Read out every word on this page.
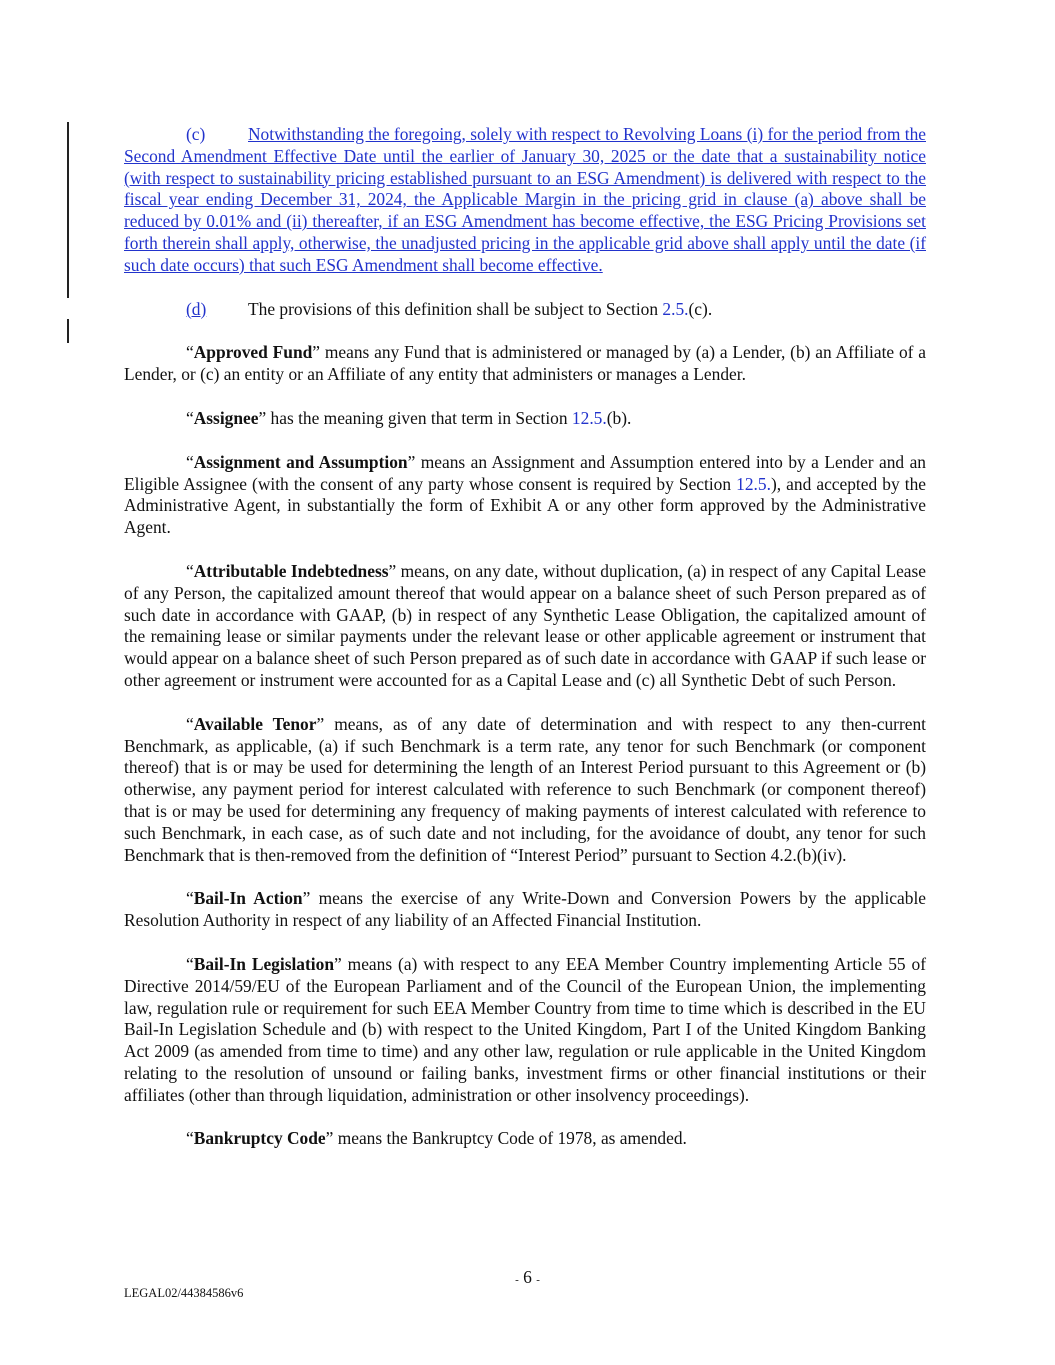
(c) Notwithstanding the foregoing, solely with respect to Revolving Loans (i) for the period from the Second Amendment Effective Date until the earlier of January 30, 2025 or the date that a sustainability notice (with respect to sustainability pricing established pursuant to an ESG Amendment) is delivered with respect to the fiscal year ending December 31, 2024, the Applicable Margin in the pricing grid in clause (a) above shall be reduced by 0.01% and (ii) thereafter, if an ESG Amendment has become effective, the ESG Pricing Provisions set forth therein shall apply, otherwise, the unadjusted pricing in the applicable grid above shall apply until the date (if such date occurs) that such ESG Amendment shall become effective.

(d) The provisions of this definition shall be subject to Section 2.5.(c).

“Approved Fund” means any Fund that is administered or managed by (a) a Lender, (b) an Affiliate of a Lender, or (c) an entity or an Affiliate of any entity that administers or manages a Lender.

“Assignee” has the meaning given that term in Section 12.5.(b).

“Assignment and Assumption” means an Assignment and Assumption entered into by a Lender and an Eligible Assignee (with the consent of any party whose consent is required by Section 12.5.), and accepted by the Administrative Agent, in substantially the form of Exhibit A or any other form approved by the Administrative Agent.

“Attributable Indebtedness” means, on any date, without duplication, (a) in respect of any Capital Lease of any Person, the capitalized amount thereof that would appear on a balance sheet of such Person prepared as of such date in accordance with GAAP, (b) in respect of any Synthetic Lease Obligation, the capitalized amount of the remaining lease or similar payments under the relevant lease or other applicable agreement or instrument that would appear on a balance sheet of such Person prepared as of such date in accordance with GAAP if such lease or other agreement or instrument were accounted for as a Capital Lease and (c) all Synthetic Debt of such Person.

“Available Tenor” means, as of any date of determination and with respect to any then-current Benchmark, as applicable, (a) if such Benchmark is a term rate, any tenor for such Benchmark (or component thereof) that is or may be used for determining the length of an Interest Period pursuant to this Agreement or (b) otherwise, any payment period for interest calculated with reference to such Benchmark (or component thereof) that is or may be used for determining any frequency of making payments of interest calculated with reference to such Benchmark, in each case, as of such date and not including, for the avoidance of doubt, any tenor for such Benchmark that is then-removed from the definition of “Interest Period” pursuant to Section 4.2.(b)(iv).

“Bail-In Action” means the exercise of any Write-Down and Conversion Powers by the applicable Resolution Authority in respect of any liability of an Affected Financial Institution.

“Bail-In Legislation” means (a) with respect to any EEA Member Country implementing Article 55 of Directive 2014/59/EU of the European Parliament and of the Council of the European Union, the implementing law, regulation rule or requirement for such EEA Member Country from time to time which is described in the EU Bail-In Legislation Schedule and (b) with respect to the United Kingdom, Part I of the United Kingdom Banking Act 2009 (as amended from time to time) and any other law, regulation or rule applicable in the United Kingdom relating to the resolution of unsound or failing banks, investment firms or other financial institutions or their affiliates (other than through liquidation, administration or other insolvency proceedings).

“Bankruptcy Code” means the Bankruptcy Code of 1978, as amended.

- 6 -
LEGAL02/44384586v6
